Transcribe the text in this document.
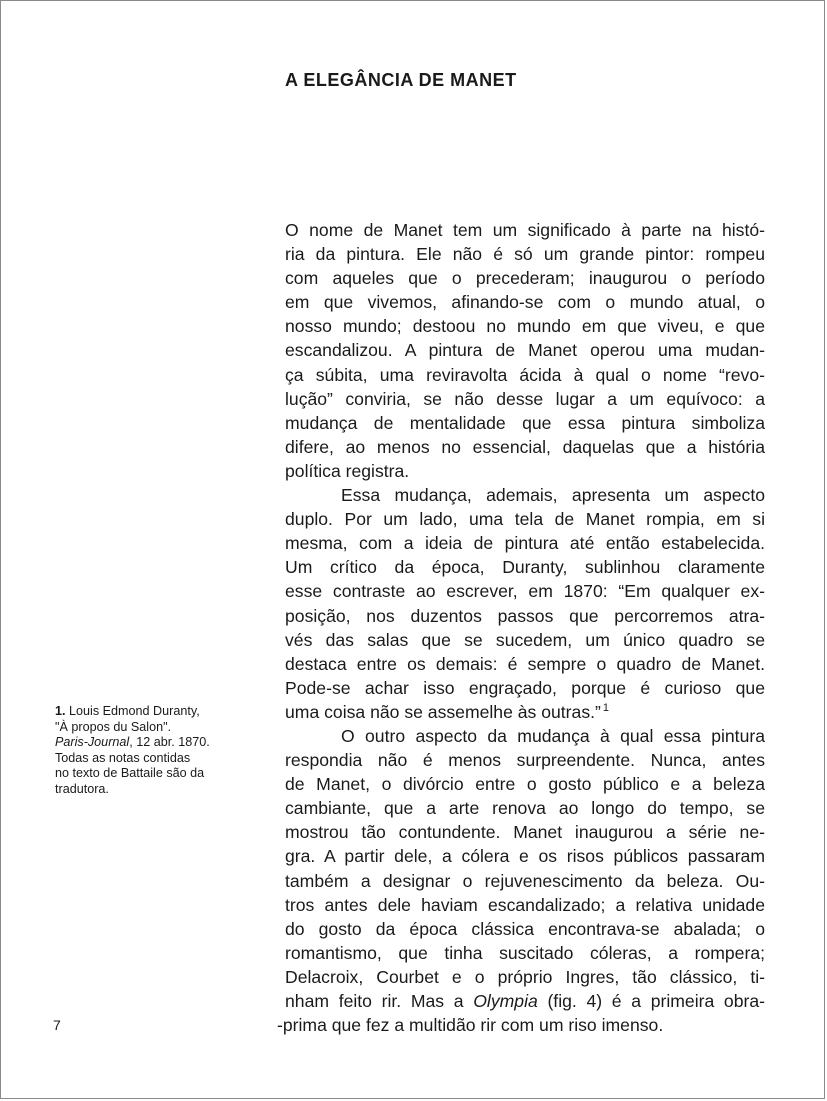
A ELEGÂNCIA DE MANET
O nome de Manet tem um significado à parte na histó-
ria da pintura. Ele não é só um grande pintor: rompeu
com aqueles que o precederam; inaugurou o período
em que vivemos, afinando-se com o mundo atual, o
nosso mundo; destoou no mundo em que viveu, e que
escandalizou. A pintura de Manet operou uma mudan-
ça súbita, uma reviravolta ácida à qual o nome “revo-
lução” conviria, se não desse lugar a um equívoco: a
mudança de mentalidade que essa pintura simboliza
difere, ao menos no essencial, daquelas que a história
política registra.
Essa mudança, ademais, apresenta um aspecto
duplo. Por um lado, uma tela de Manet rompia, em si
mesma, com a ideia de pintura até então estabelecida.
Um crítico da época, Duranty, sublinhou claramente
esse contraste ao escrever, em 1870: “Em qualquer ex-
posição, nos duzentos passos que percorremos atra-
vés das salas que se sucedem, um único quadro se
destaca entre os demais: é sempre o quadro de Manet.
Pode-se achar isso engraçado, porque é curioso que
uma coisa não se assemelhe às outras.” $^1$
O outro aspecto da mudança à qual essa pintura
respondia não é menos surpreendente. Nunca, antes
de Manet, o divórcio entre o gosto público e a beleza
cambiante, que a arte renova ao longo do tempo, se
mostrou tão contundente. Manet inaugurou a série ne-
gra. A partir dele, a cólera e os risos públicos passaram
também a designar o rejuvenescimento da beleza. Ou-
tros antes dele haviam escandalizado; a relativa unidade
do gosto da época clássica encontrava-se abalada; o
romantismo, que tinha suscitado cóleras, a rompera;
Delacroix, Courbet e o próprio Ingres, tão clássico, ti-
nham feito rir. Mas a Olympia (fig. 4) é a primeira obra-
-prima que fez a multidão rir com um riso imenso.
1. Louis Edmond Duranty,
"À propos du Salon".
Paris-Journal, 12 abr. 1870.
Todas as notas contidas
no texto de Battaile são da
tradutora.
7
